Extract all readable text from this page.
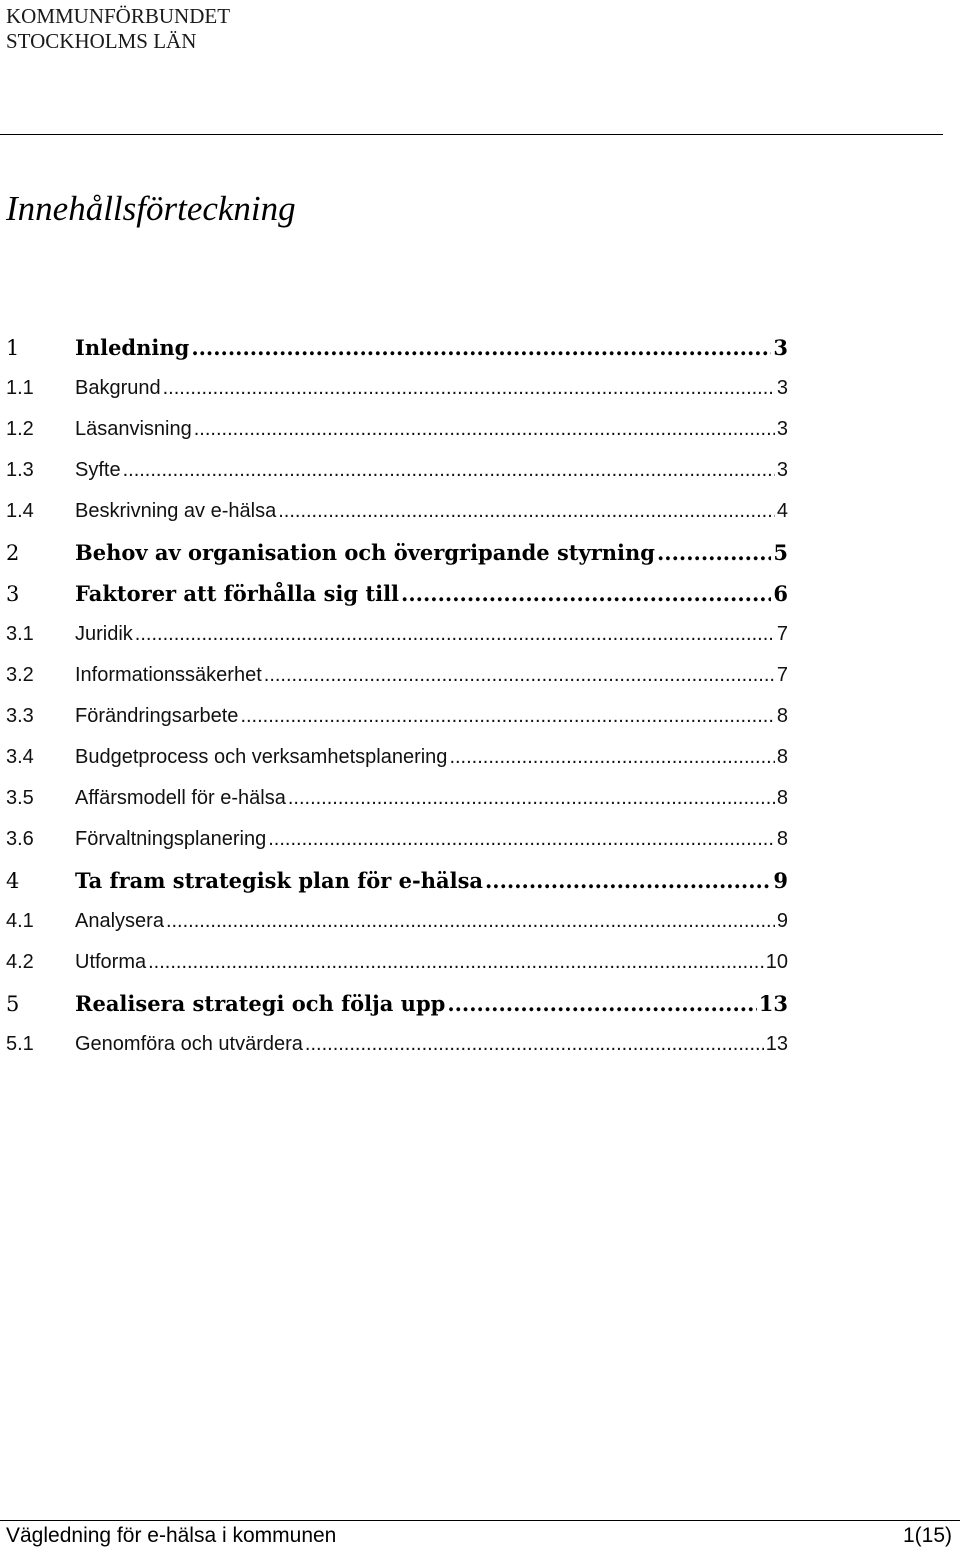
KOMMUNFÖRBUNDET
STOCKHOLMS LÄN
Innehållsförteckning
1	Inledning .....	3
1.1	Bakgrund .....	3
1.2	Läsanvisning .....	3
1.3	Syfte .....	3
1.4	Beskrivning av e-hälsa .....	4
2	Behov av organisation och övergripande styrning .....	5
3	Faktorer att förhålla sig till .....	6
3.1	Juridik .....	7
3.2	Informationssäkerhet .....	7
3.3	Förändringsarbete .....	8
3.4	Budgetprocess och verksamhetsplanering .....	8
3.5	Affärsmodell för e-hälsa .....	8
3.6	Förvaltningsplanering .....	8
4	Ta fram strategisk plan för e-hälsa .....	9
4.1	Analysera .....	9
4.2	Utforma .....	10
5	Realisera strategi och följa upp .....	13
5.1	Genomföra och utvärdera .....	13
Vägledning för e-hälsa i kommunen	1(15)
